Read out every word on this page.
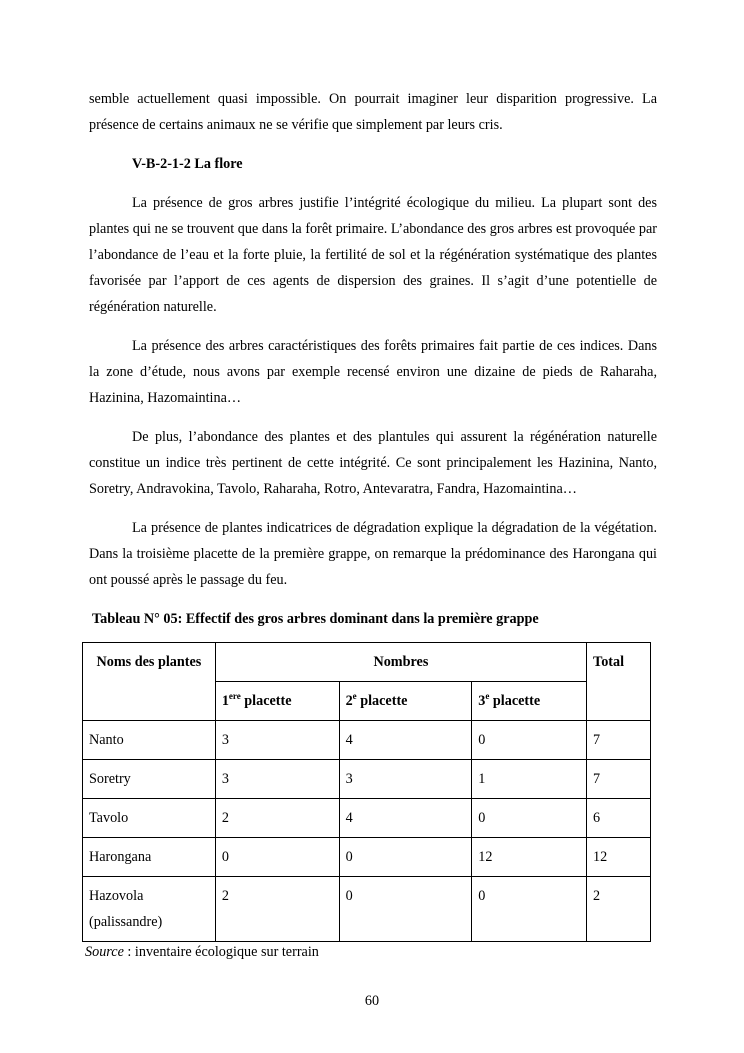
semble actuellement quasi impossible. On pourrait imaginer leur disparition progressive. La présence de certains animaux ne se vérifie que simplement par leurs cris.

V-B-2-1-2 La flore

La présence de gros arbres justifie l’intégrité écologique du milieu. La plupart sont des plantes qui ne se trouvent que dans la forêt primaire. L’abondance des gros arbres est provoquée par l’abondance de l’eau et la forte pluie, la fertilité de sol et la régénération systématique des plantes favorisée par l’apport de ces agents de dispersion des graines. Il s’agit d’une potentielle de régénération naturelle.

La présence des arbres caractéristiques des forêts primaires fait partie de ces indices. Dans la zone d’étude, nous avons par exemple recensé environ une dizaine de pieds de Raharaha, Hazinina, Hazomaintina…

De plus, l’abondance des plantes et des plantules qui assurent la régénération naturelle constitue un indice très pertinent de cette intégrité. Ce sont principalement les Hazinina, Nanto, Soretry, Andravokina, Tavolo, Raharaha, Rotro, Antevaratra, Fandra, Hazomaintina…

La présence de plantes indicatrices de dégradation explique la dégradation de la végétation. Dans la troisième placette de la première grappe, on remarque la prédominance des Harongana qui ont poussé après le passage du feu.

Tableau N° 05: Effectif des gros arbres dominant dans la première grappe
Noms des plantes	Nombres			Total
	1ere placette	2e placette	3e placette	
Nanto	3	4	0	7
Soretry	3	3	1	7
Tavolo	2	4	0	6
Harongana	0	0	12	12
Hazovola
(palissandre)	2	0	0	2
Source : inventaire écologique sur terrain
60
